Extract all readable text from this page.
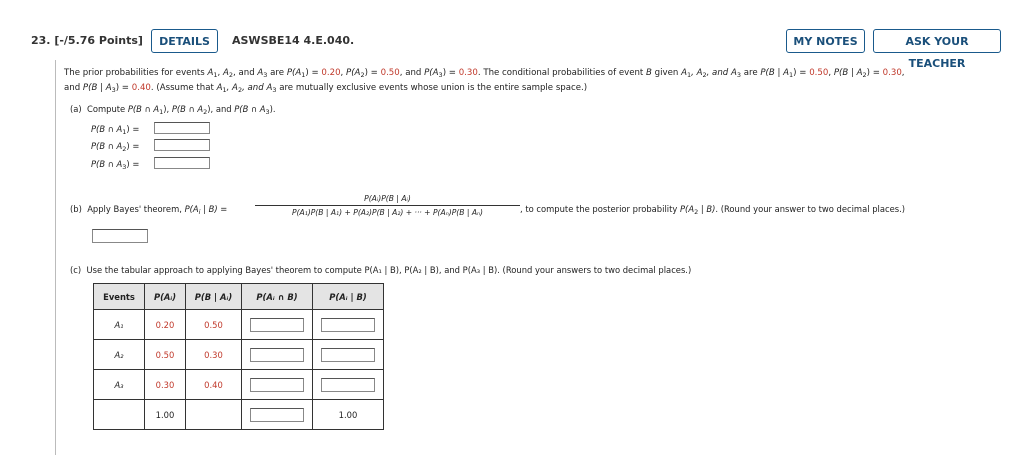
23. [-/5.76 Points]	DETAILS	ASWSBE14 4.E.040.	MY NOTES	ASK YOUR TEACHER
The prior probabilities for events $A_1$, $A_2$, and $A_3$ are $P(A_1) = 0.20$, $P(A_2) = 0.50$, and $P(A_3) = 0.30$. The conditional probabilities of event B given $A_1$, $A_2$, and $A_3$ are P(B | $A_1) = 0.50$, P(B | $A_2) = 0.30$,
and P(B | $A_3) = 0.40$. (Assume that $A_1$, $A_2$, and $A_3$ are mutually exclusive events whose union is the entire sample space.)
(a) Compute P(B ∩ $A_1$), P(B ∩ $A_2$), and P(B ∩ $A_3$).
P(B ∩ $A_1$) =
P(B ∩ $A_2$) =
P(B ∩ $A_3$) =
(b) Apply Bayes' theorem, $P(A_i$ | B) =
P(Aᵢ)P(B | Aᵢ)
P(A₁)P(B | A₁) + P(A₂)P(B | A₂) + ··· + P(Aₙ)P(B | Aₙ)	, to compute the posterior probability $P(A_2$ | B). (Round your answer to two decimal places.)
(c) Use the tabular approach to applying Bayes' theorem to compute P(A₁ | B), P(A₂ | B), and P(A₃ | B). (Round your answers to two decimal places.)
Events	P(Aᵢ)	P(B | Aᵢ)	P(Aᵢ ∩ B)	P(Aᵢ | B)
A₁	0.20	0.50		
A₂	0.50	0.30		
A₃	0.30	0.40		
	1.00			1.00
